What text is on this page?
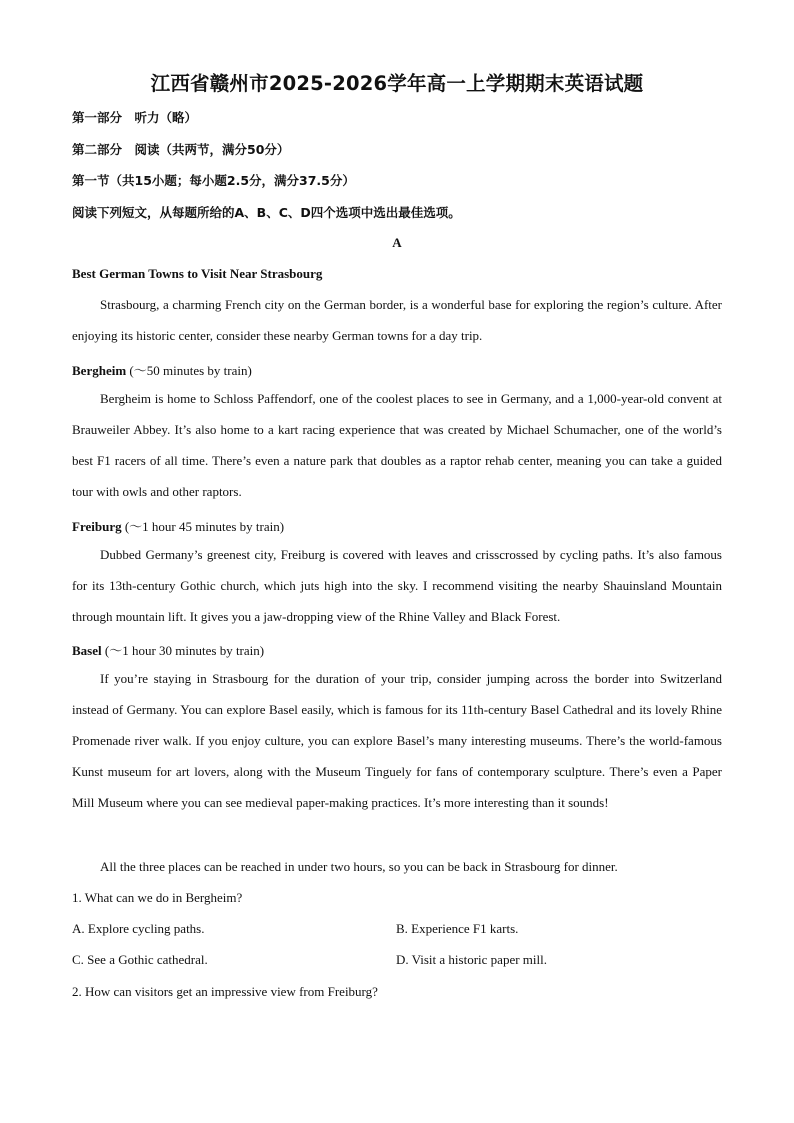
江西省赣州市2025-2026学年高一上学期期末英语试题
第一部分　听力（略）
第二部分　阅读（共两节，满分50分）
第一节（共15小题；每小题2.5分，满分37.5分）
阅读下列短文，从每题所给的A、B、C、D四个选项中选出最佳选项。
A
Best German Towns to Visit Near Strasbourg

Strasbourg, a charming French city on the German border, is a wonderful base for exploring the region’s culture. After enjoying its historic center, consider these nearby German towns for a day trip.

Bergheim (～50 minutes by train)

Bergheim is home to Schloss Paffendorf, one of the coolest places to see in Germany, and a 1,000-year-old convent at Brauweiler Abbey. It’s also home to a kart racing experience that was created by Michael Schumacher, one of the world’s best F1 racers of all time. There’s even a nature park that doubles as a raptor rehab center, meaning you can take a guided tour with owls and other raptors.

Freiburg (～1 hour 45 minutes by train)

Dubbed Germany’s greenest city, Freiburg is covered with leaves and crisscrossed by cycling paths. It’s also famous for its 13th-century Gothic church, which juts high into the sky. I recommend visiting the nearby Shauinsland Mountain through mountain lift. It gives you a jaw-dropping view of the Rhine Valley and Black Forest.

Basel (～1 hour 30 minutes by train)

If you’re staying in Strasbourg for the duration of your trip, consider jumping across the border into Switzerland instead of Germany. You can explore Basel easily, which is famous for its 11th-century Basel Cathedral and its lovely Rhine Promenade river walk. If you enjoy culture, you can explore Basel’s many interesting museums. There’s the world-famous Kunst museum for art lovers, along with the Museum Tinguely for fans of contemporary sculpture. There’s even a Paper Mill Museum where you can see medieval paper-making practices. It’s more interesting than it sounds!

All the three places can be reached in under two hours, so you can be back in Strasbourg for dinner.

1. What can we do in Bergheim?
A. Explore cycling paths.	B. Experience F1 karts.
C. See a Gothic cathedral.	D. Visit a historic paper mill.
2. How can visitors get an impressive view from Freiburg?
